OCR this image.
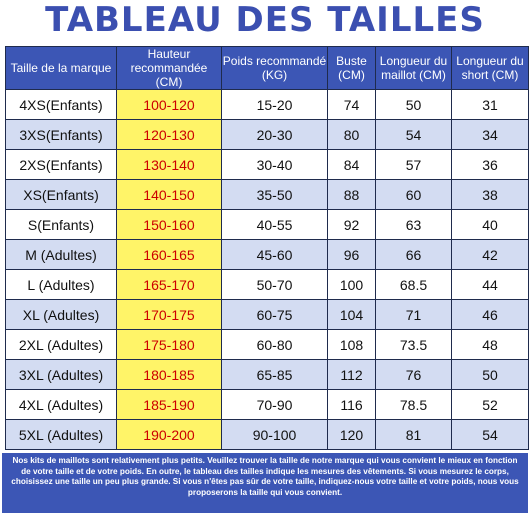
TABLEAU DES TAILLES
Taille de la marque	Hauteur recommandée (CM)	Poids recommandé (KG)	Buste (CM)	Longueur du maillot (CM)	Longueur du short (CM)
4XS(Enfants)	100-120	15-20	74	50	31
3XS(Enfants)	120-130	20-30	80	54	34
2XS(Enfants)	130-140	30-40	84	57	36
XS(Enfants)	140-150	35-50	88	60	38
S(Enfants)	150-160	40-55	92	63	40
M (Adultes)	160-165	45-60	96	66	42
L (Adultes)	165-170	50-70	100	68.5	44
XL (Adultes)	170-175	60-75	104	71	46
2XL (Adultes)	175-180	60-80	108	73.5	48
3XL (Adultes)	180-185	65-85	112	76	50
4XL (Adultes)	185-190	70-90	116	78.5	52
5XL (Adultes)	190-200	90-100	120	81	54
Nos kits de maillots sont relativement plus petits. Veuillez trouver la taille de notre marque qui vous convient le mieux en fonction de votre taille et de votre poids. En outre, le tableau des tailles indique les mesures des vêtements. Si vous mesurez le corps, choisissez une taille un peu plus grande. Si vous n'êtes pas sûr de votre taille, indiquez-nous votre taille et votre poids, nous vous proposerons la taille qui vous convient.
